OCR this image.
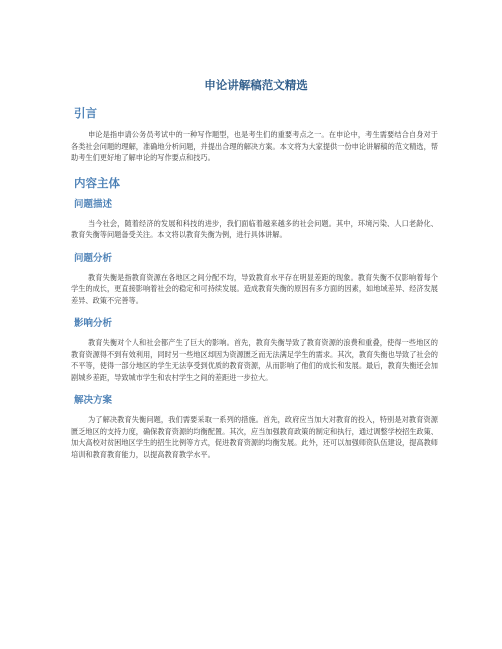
申论讲解稿范文精选
引言

申论是指申请公务员考试中的一种写作题型，也是考生们的重要考点之一。在申论中，考生需要结合自身对于各类社会问题的理解，准确地分析问题，并提出合理的解决方案。本文将为大家提供一份申论讲解稿的范文精选，帮助考生们更好地了解申论的写作要点和技巧。

内容主体
问题描述

当今社会，随着经济的发展和科技的进步，我们面临着越来越多的社会问题。其中，环境污染、人口老龄化、教育失衡等问题备受关注。本文将以教育失衡为例，进行具体讲解。

问题分析

教育失衡是指教育资源在各地区之间分配不均，导致教育水平存在明显差距的现象。教育失衡不仅影响着每个学生的成长，更直接影响着社会的稳定和可持续发展。造成教育失衡的原因有多方面的因素，如地域差异、经济发展差异、政策不完善等。

影响分析

教育失衡对个人和社会都产生了巨大的影响。首先，教育失衡导致了教育资源的浪费和重叠，使得一些地区的教育资源得不到有效利用，同时另一些地区却因为资源匮乏而无法满足学生的需求。其次，教育失衡也导致了社会的不平等，使得一部分地区的学生无法享受到优质的教育资源，从而影响了他们的成长和发展。最后，教育失衡还会加剧城乡差距，导致城市学生和农村学生之间的差距进一步拉大。

解决方案

为了解决教育失衡问题，我们需要采取一系列的措施。首先，政府应当加大对教育的投入，特别是对教育资源匮乏地区的支持力度，确保教育资源的均衡配置。其次，应当加强教育政策的制定和执行，通过调整学校招生政策、加大高校对贫困地区学生的招生比例等方式，促进教育资源的均衡发展。此外，还可以加强师资队伍建设，提高教师培训和教育教育能力，以提高教育教学水平。
